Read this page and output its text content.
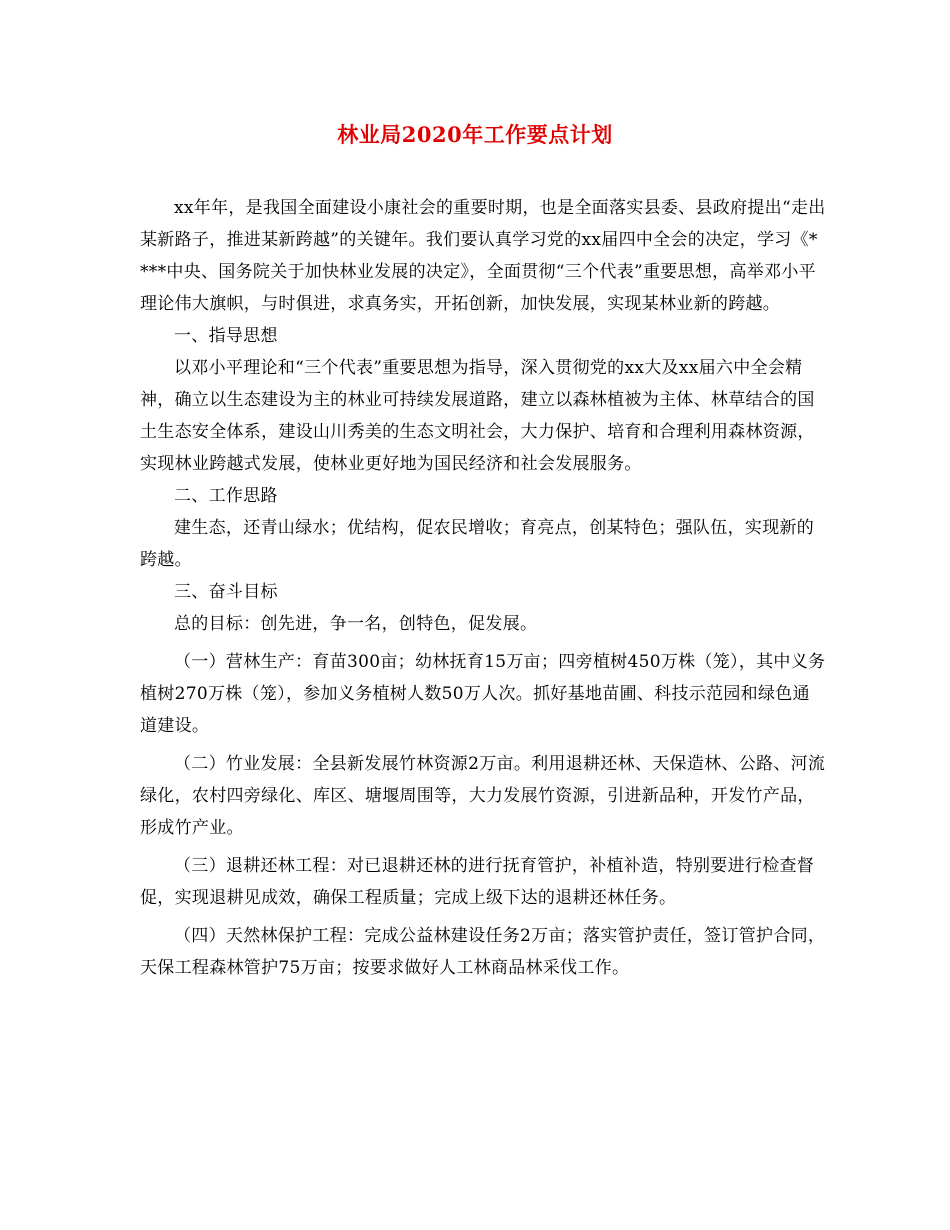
林业局2020年工作要点计划

xx年年，是我国全面建设小康社会的重要时期，也是全面落实县委、县政府提出“走出某新路子，推进某新跨越”的关键年。我们要认真学习党的xx届四中全会的决定，学习《****中央、国务院关于加快林业发展的决定》，全面贯彻“三个代表”重要思想，高举邓小平理论伟大旗帜，与时俱进，求真务实，开拓创新，加快发展，实现某林业新的跨越。

一、指导思想

以邓小平理论和“三个代表”重要思想为指导，深入贯彻党的xx大及xx届六中全会精神，确立以生态建设为主的林业可持续发展道路，建立以森林植被为主体、林草结合的国土生态安全体系，建设山川秀美的生态文明社会，大力保护、培育和合理利用森林资源，实现林业跨越式发展，使林业更好地为国民经济和社会发展服务。

二、工作思路

建生态，还青山绿水；优结构，促农民增收；育亮点，创某特色；强队伍，实现新的跨越。

三、奋斗目标

总的目标：创先进，争一名，创特色，促发展。

（一）营林生产：育苗300亩；幼林抚育15万亩；四旁植树450万株（笼），其中义务植树270万株（笼），参加义务植树人数50万人次。抓好基地苗圃、科技示范园和绿色通道建设。

（二）竹业发展：全县新发展竹林资源2万亩。利用退耕还林、天保造林、公路、河流绿化，农村四旁绿化、库区、塘堰周围等，大力发展竹资源，引进新品种，开发竹产品，形成竹产业。

（三）退耕还林工程：对已退耕还林的进行抚育管护，补植补造，特别要进行检查督促，实现退耕见成效，确保工程质量；完成上级下达的退耕还林任务。

（四）天然林保护工程：完成公益林建设任务2万亩；落实管护责任，签订管护合同，天保工程森林管护75万亩；按要求做好人工林商品林采伐工作。
